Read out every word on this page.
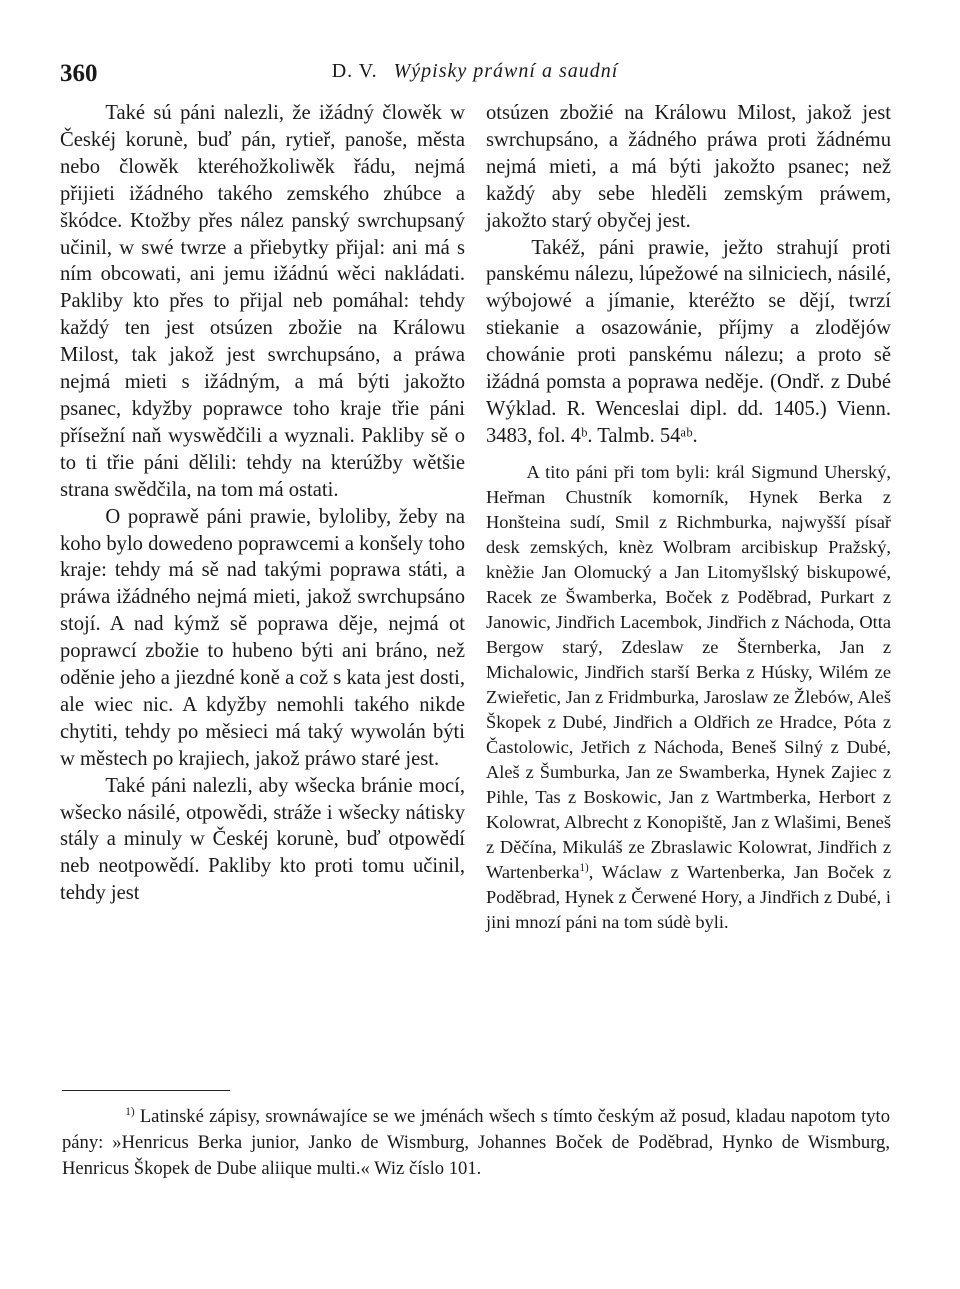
360	D. V. Wýpisky práwní a saudní

Také sú páni nalezli, že ižádný člowěk w Českéj korunè, buď pán, rytieř, panoše, města nebo člowěk kteréhožkoliwěk řádu, nejmá přijieti ižádného takého zemského zhúbce a škódce. Ktožby přes nález panský swrchupsaný učinil, w swé twrze a přiebytky přijal: ani má s ním obcowati, ani jemu ižádnú wěci nakládati. Pakliby kto přes to přijal neb pomáhal: tehdy každý ten jest otsúzen zbožie na Králowu Milost, tak jakož jest swrchupsáno, a práwa nejmá mieti s ižádným, a má býti jakožto psanec, kdyžby poprawce toho kraje třie páni přísežní naň wyswědčili a wyznali. Pakliby sě o to ti třie páni dělili: tehdy na kterúžby wětšie strana swědčila, na tom má ostati.

O poprawě páni prawie, byloliby, žeby na koho bylo dowedeno poprawcemi a konšely toho kraje: tehdy má sě nad takými poprawa státi, a práwa ižádného nejmá mieti, jakož swrchupsáno stojí. A nad kýmž sě poprawa děje, nejmá ot poprawcí zbožie to hubeno býti ani bráno, než oděnie jeho a jiezdné koně a což s kata jest dosti, ale wiec nic. A kdyžby nemohli takého nikde chytiti, tehdy po měsieci má taký wywolán býti w městech po krajiech, jakož práwo staré jest.

Také páni nalezli, aby wšecka bránie mocí, wšecko násilé, otpowědi, stráže i wšecky nátisky stály a minuly w Českéj korunè, buď otpowědí neb neotpowědí. Pakliby kto proti tomu učinil, tehdy jest

otsúzen zbožié na Králowu Milost, jakož jest swrchupsáno, a žádného práwa proti žádnému nejmá mieti, a má býti jakožto psanec; než každý aby sebe hleděli zemským práwem, jakožto starý obyčej jest.

Takéž, páni prawie, ježto strahují proti panskému nálezu, lúpežowé na silniciech, násilé, wýbojowé a jímanie, kteréžto se dějí, twrzí stiekanie a osazowánie, příjmy a zlodějów chowánie proti panskému nálezu; a proto sě ižádná pomsta a poprawa neděje. (Ondř. z Dubé Wýklad. R. Wenceslai dipl. dd. 1405.) Vienn. 3483, fol. 4ᵇ. Talmb. 54ᵃᵇ.

A tito páni při tom byli: král Sigmund Uherský, Heřman Chustník komorník, Hynek Berka z Honšteina sudí, Smil z Richmburka, najwyšší písař desk zemských, knèz Wolbram arcibiskup Pražský, knèžie Jan Olomucký a Jan Litomyšlský biskupowé, Racek ze Šwamberka, Boček z Poděbrad, Purkart z Janowic, Jindřich Lacembok, Jindřich z Náchoda, Otta Bergow starý, Zdeslaw ze Šternberka, Jan z Michalowic, Jindřich starší Berka z Húsky, Wilém ze Zwieřetic, Jan z Fridmburka, Jaroslaw ze Žlebów, Aleš Škopek z Dubé, Jindřich a Oldřich ze Hradce, Póta z Častolowic, Jetřich z Náchoda, Beneš Silný z Dubé, Aleš z Šumburka, Jan ze Swamberka, Hynek Zajiec z Pihle, Tas z Boskowic, Jan z Wartmberka, Herbort z Kolowrat, Albrecht z Konopiště, Jan z Wlašimi, Beneš z Děčína, Mikuláš ze Zbraslawic Kolowrat, Jindřich z Wartenberka$^{1)}$, Wáclaw z Wartenberka, Jan Boček z Poděbrad, Hynek z Čerwené Hory, a Jindřich z Dubé, i jini mnozí páni na tom súdè byli.

$^{1)}$ Latinské zápisy, srownáwajíce se we jménách wšech s tímto českým až posud, kladau napotom tyto pány: »Henricus Berka junior, Janko de Wismburg, Johannes Boček de Poděbrad, Hynko de Wismburg, Henricus Škopek de Dube aliique multi.« Wiz číslo 101.
